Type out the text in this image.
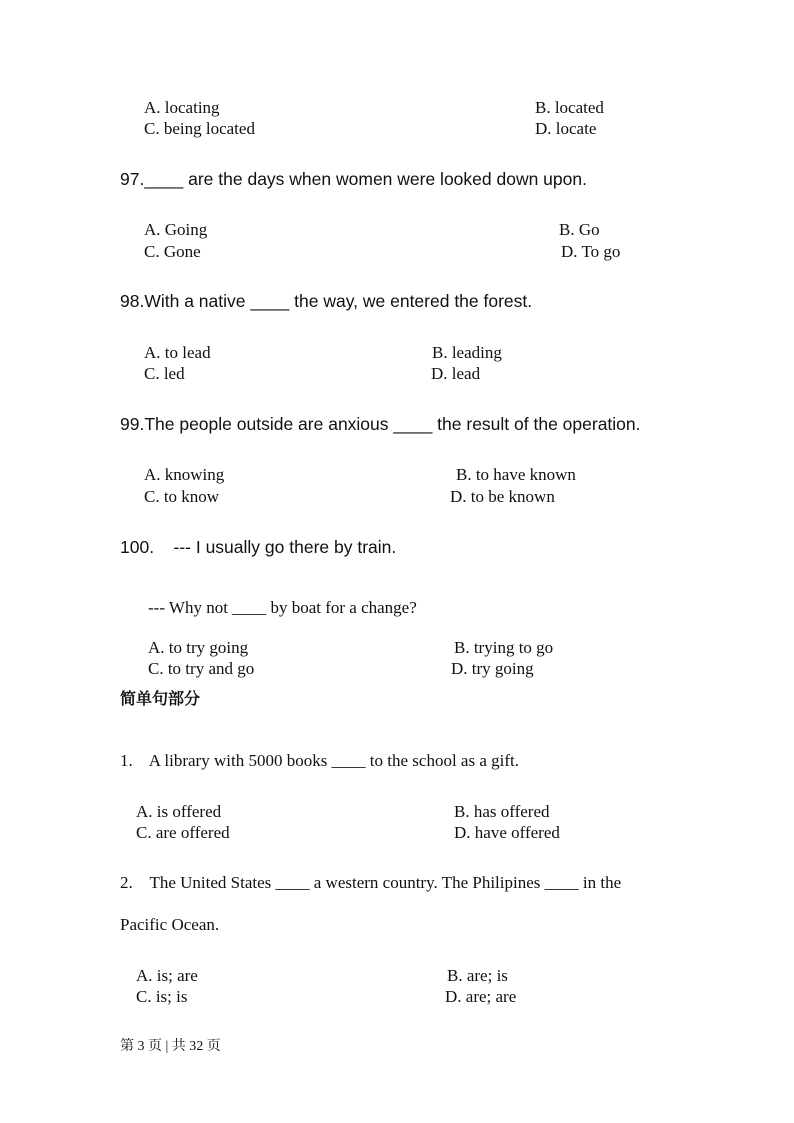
A. locating	B. located
C. being located	D. locate
97.____ are the days when women were looked down upon.
A. Going	B. Go
C. Gone	D. To go
98.With a native ____ the way, we entered the forest.
A. to lead	B. leading
C. led	D. lead
99.The people outside are anxious ____ the result of the operation.
A. knowing	B. to have known
C. to know	D. to be known
100.    --- I usually go there by train.
--- Why not ____ by boat for a change?
A. to try going	B. trying to go
C. to try and go	D. try going
简单句部分
1.    A library with 5000 books ____ to the school as a gift.
A. is offered	B. has offered
C. are offered	D. have offered
2.    The United States ____ a western country. The Philipines ____ in the
Pacific Ocean.
A. is; are	B. are; is
C. is; is	D. are; are
第 3 页 | 共 32 页
